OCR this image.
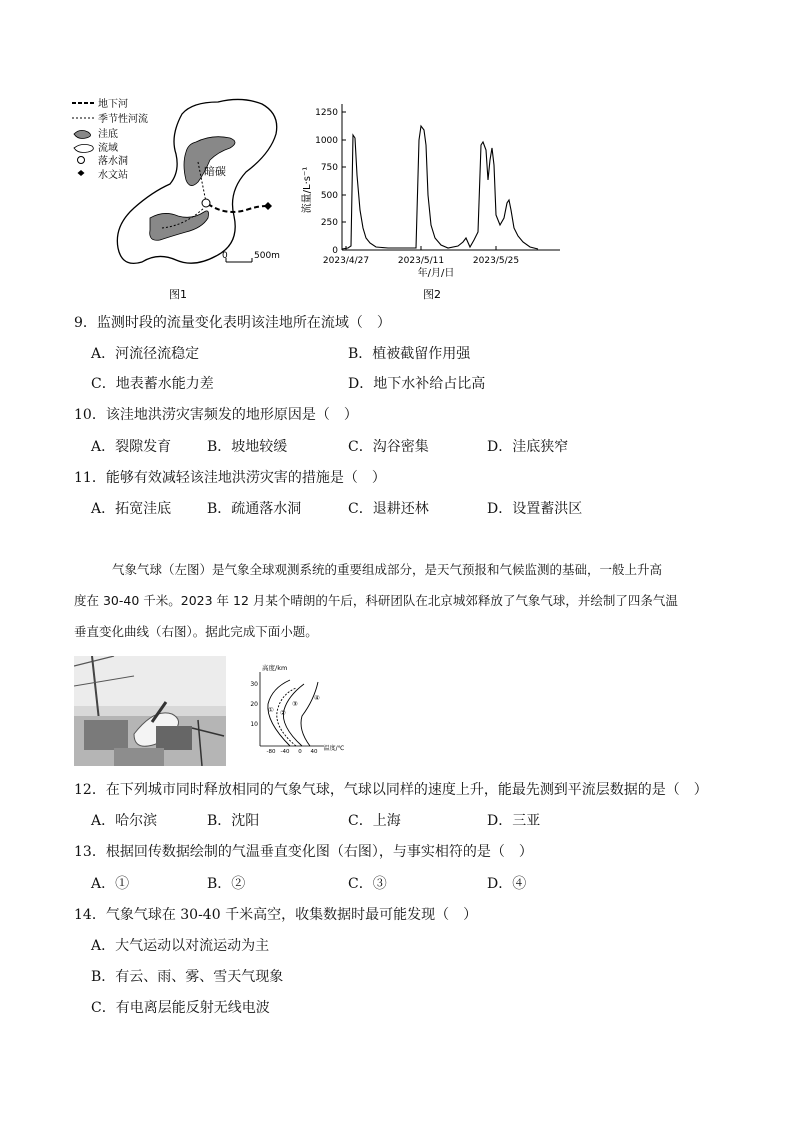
地下河
季节性河流
洼底
流域
落水洞
水文站	暗碳
0	500m
图1
流量/L·s⁻¹
1250
1000
750
500
250
0
2023/4/27	2023/5/11	2023/5/25
年/月/日
图2
9．监测时段的流量变化表明该洼地所在流域（　）
A．河流径流稳定	B．植被截留作用强
C．地表蓄水能力差	D．地下水补给占比高
10．该洼地洪涝灾害频发的地形原因是（　）
A．裂隙发育	B．坡地较缓	C．沟谷密集	D．洼底狭窄
11．能够有效减轻该洼地洪涝灾害的措施是（　）
A．拓宽洼底	B．疏通落水洞	C．退耕还林	D．设置蓄洪区
气象气球（左图）是气象全球观测系统的重要组成部分，是天气预报和气候监测的基础，一般上升高
度在 30-40 千米。2023 年 12 月某个晴朗的午后，科研团队在北京城郊释放了气象气球，并绘制了四条气温
垂直变化曲线（右图）。据此完成下面小题。
高度/km
30
20
10
-80 -40 0 40 温度/℃
① ②
③
④
12．在下列城市同时释放相同的气象气球，气球以同样的速度上升，能最先测到平流层数据的是（　）
A．哈尔滨	B．沈阳	C．上海	D．三亚
13．根据回传数据绘制的气温垂直变化图（右图），与事实相符的是（　）
A．①	B．②	C．③	D．④
14．气象气球在 30-40 千米高空，收集数据时最可能发现（　）
A．大气运动以对流运动为主
B．有云、雨、雾、雪天气现象
C．有电离层能反射无线电波
